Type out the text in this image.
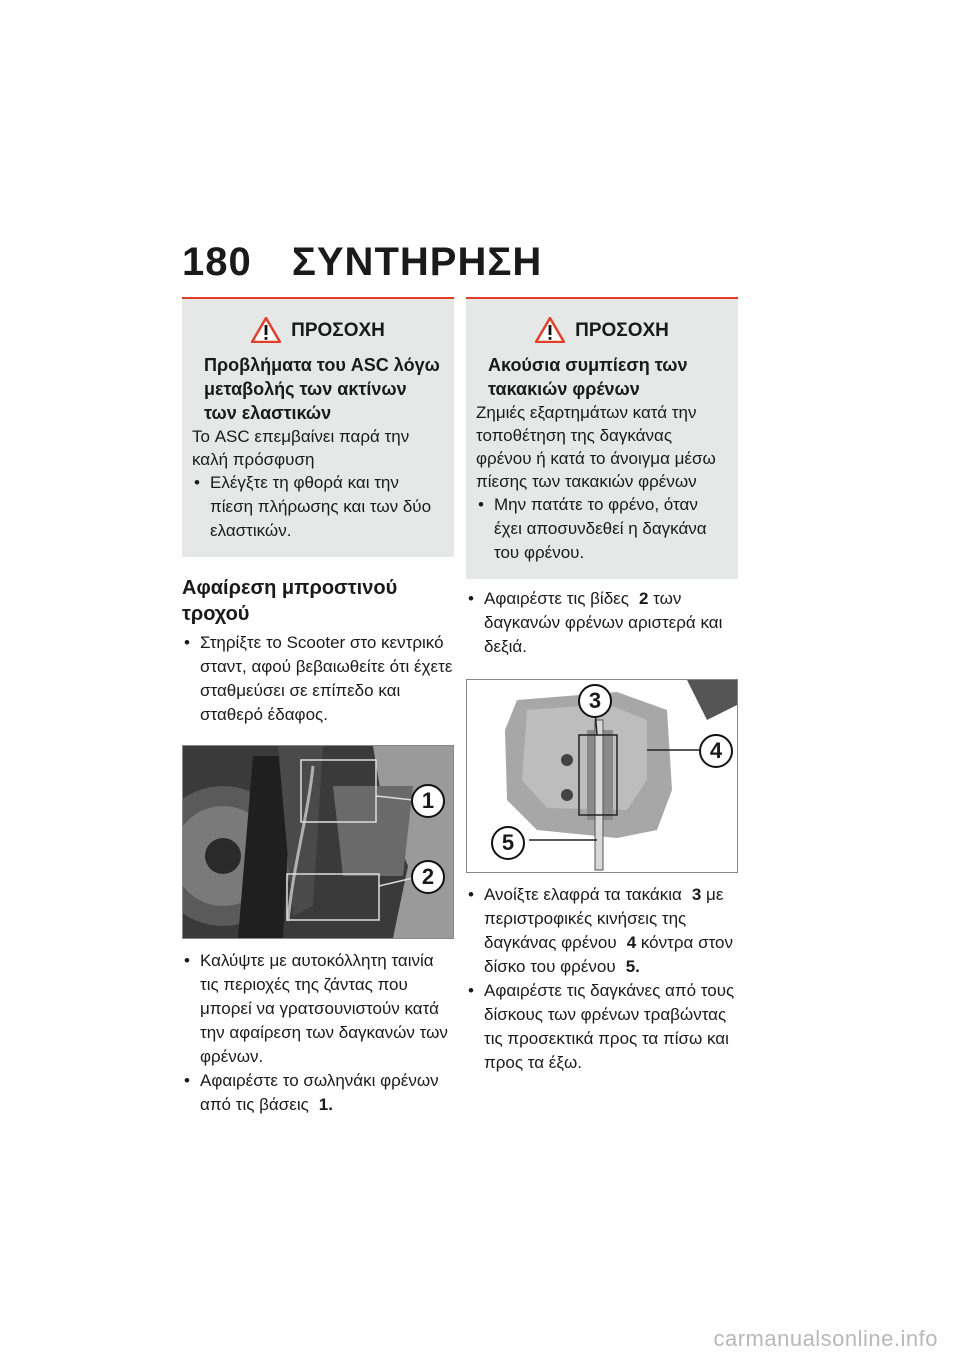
180 ΣΥΝΤΗΡΗΣΗ
ΠΡΟΣΟΧΗ
Προβλήματα του ASC λόγω μεταβολής των ακτίνων των ελαστικών
Το ASC επεμβαίνει παρά την καλή πρόσφυση
• Ελέγξτε τη φθορά και την πίεση πλήρωσης και των δύο ελαστικών.
Αφαίρεση μπροστινού τροχού
• Στηρίξτε το Scooter στο κεντρικό σταντ, αφού βεβαιωθείτε ότι έχετε σταθμεύσει σε επίπεδο και σταθερό έδαφος.
1
2
• Καλύψτε με αυτοκόλλητη ταινία τις περιοχές της ζάντας που μπορεί να γρατσουνιστούν κατά την αφαίρεση των δαγκανών των φρένων.
• Αφαιρέστε το σωληνάκι φρένων από τις βάσεις 1.
ΠΡΟΣΟΧΗ
Ακούσια συμπίεση των τακακιών φρένων
Ζημιές εξαρτημάτων κατά την τοποθέτηση της δαγκάνας φρένου ή κατά το άνοιγμα μέσω πίεσης των τακακιών φρένων
• Μην πατάτε το φρένο, όταν έχει αποσυνδεθεί η δαγκάνα του φρένου.
• Αφαιρέστε τις βίδες 2 των δαγκανών φρένων αριστερά και δεξιά.
3
4
5
• Ανοίξτε ελαφρά τα τακάκια 3 με περιστροφικές κινήσεις της δαγκάνας φρένου 4 κόντρα στον δίσκο του φρένου 5.
• Αφαιρέστε τις δαγκάνες από τους δίσκους των φρένων τραβώντας τις προσεκτικά προς τα πίσω και προς τα έξω.
carmanualsonline.info
